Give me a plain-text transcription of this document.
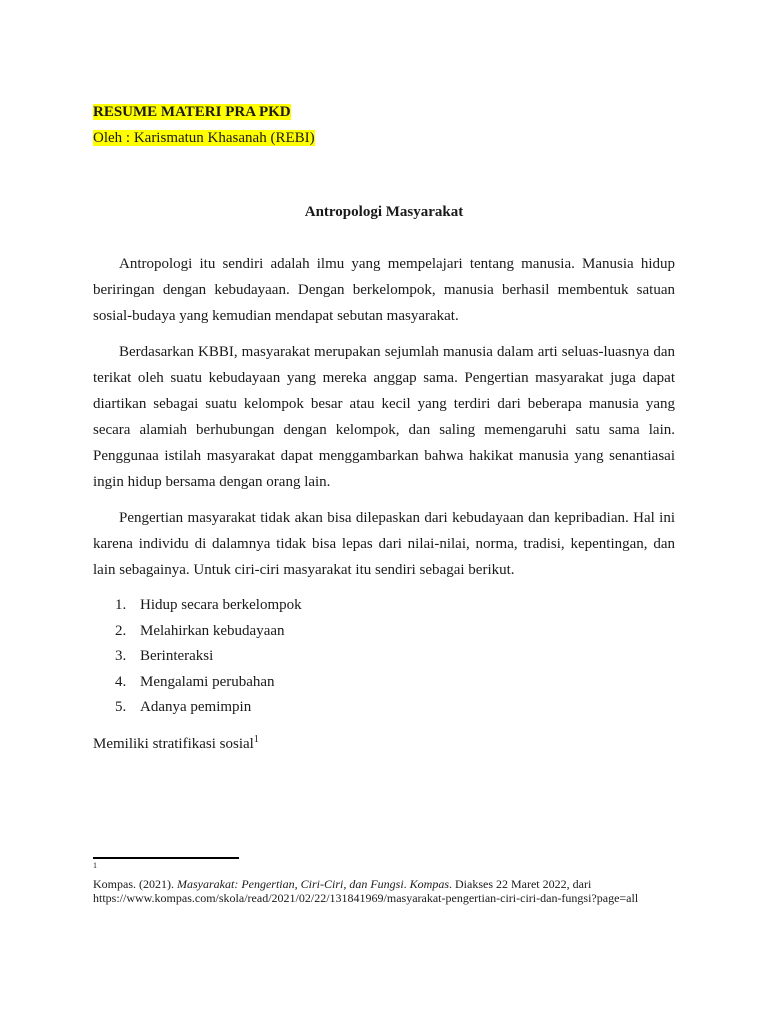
RESUME MATERI PRA PKD
Oleh : Karismatun Khasanah (REBI)
Antropologi Masyarakat

Antropologi itu sendiri adalah ilmu yang mempelajari tentang manusia. Manusia hidup beriringan dengan kebudayaan. Dengan berkelompok, manusia berhasil membentuk satuan sosial-budaya yang kemudian mendapat sebutan masyarakat.

Berdasarkan KBBI, masyarakat merupakan sejumlah manusia dalam arti seluas-luasnya dan terikat oleh suatu kebudayaan yang mereka anggap sama. Pengertian masyarakat juga dapat diartikan sebagai suatu kelompok besar atau kecil yang terdiri dari beberapa manusia yang secara alamiah berhubungan dengan kelompok, dan saling memengaruhi satu sama lain. Penggunaa istilah masyarakat dapat menggambarkan bahwa hakikat manusia yang senantiasai ingin hidup bersama dengan orang lain.

Pengertian masyarakat tidak akan bisa dilepaskan dari kebudayaan dan kepribadian. Hal ini karena individu di dalamnya tidak bisa lepas dari nilai-nilai, norma, tradisi, kepentingan, dan lain sebagainya. Untuk ciri-ciri masyarakat itu sendiri sebagai berikut.

1. Hidup secara berkelompok
2. Melahirkan kebudayaan
3. Berinteraksi
4. Mengalami perubahan
5. Adanya pemimpin
Memiliki stratifikasi sosial$^1$
1
Kompas. (2021). Masyarakat: Pengertian, Ciri-Ciri, dan Fungsi. Kompas. Diakses 22 Maret 2022, dari https://www.kompas.com/skola/read/2021/02/22/131841969/masyarakat-pengertian-ciri-ciri-dan-fungsi?page=all
